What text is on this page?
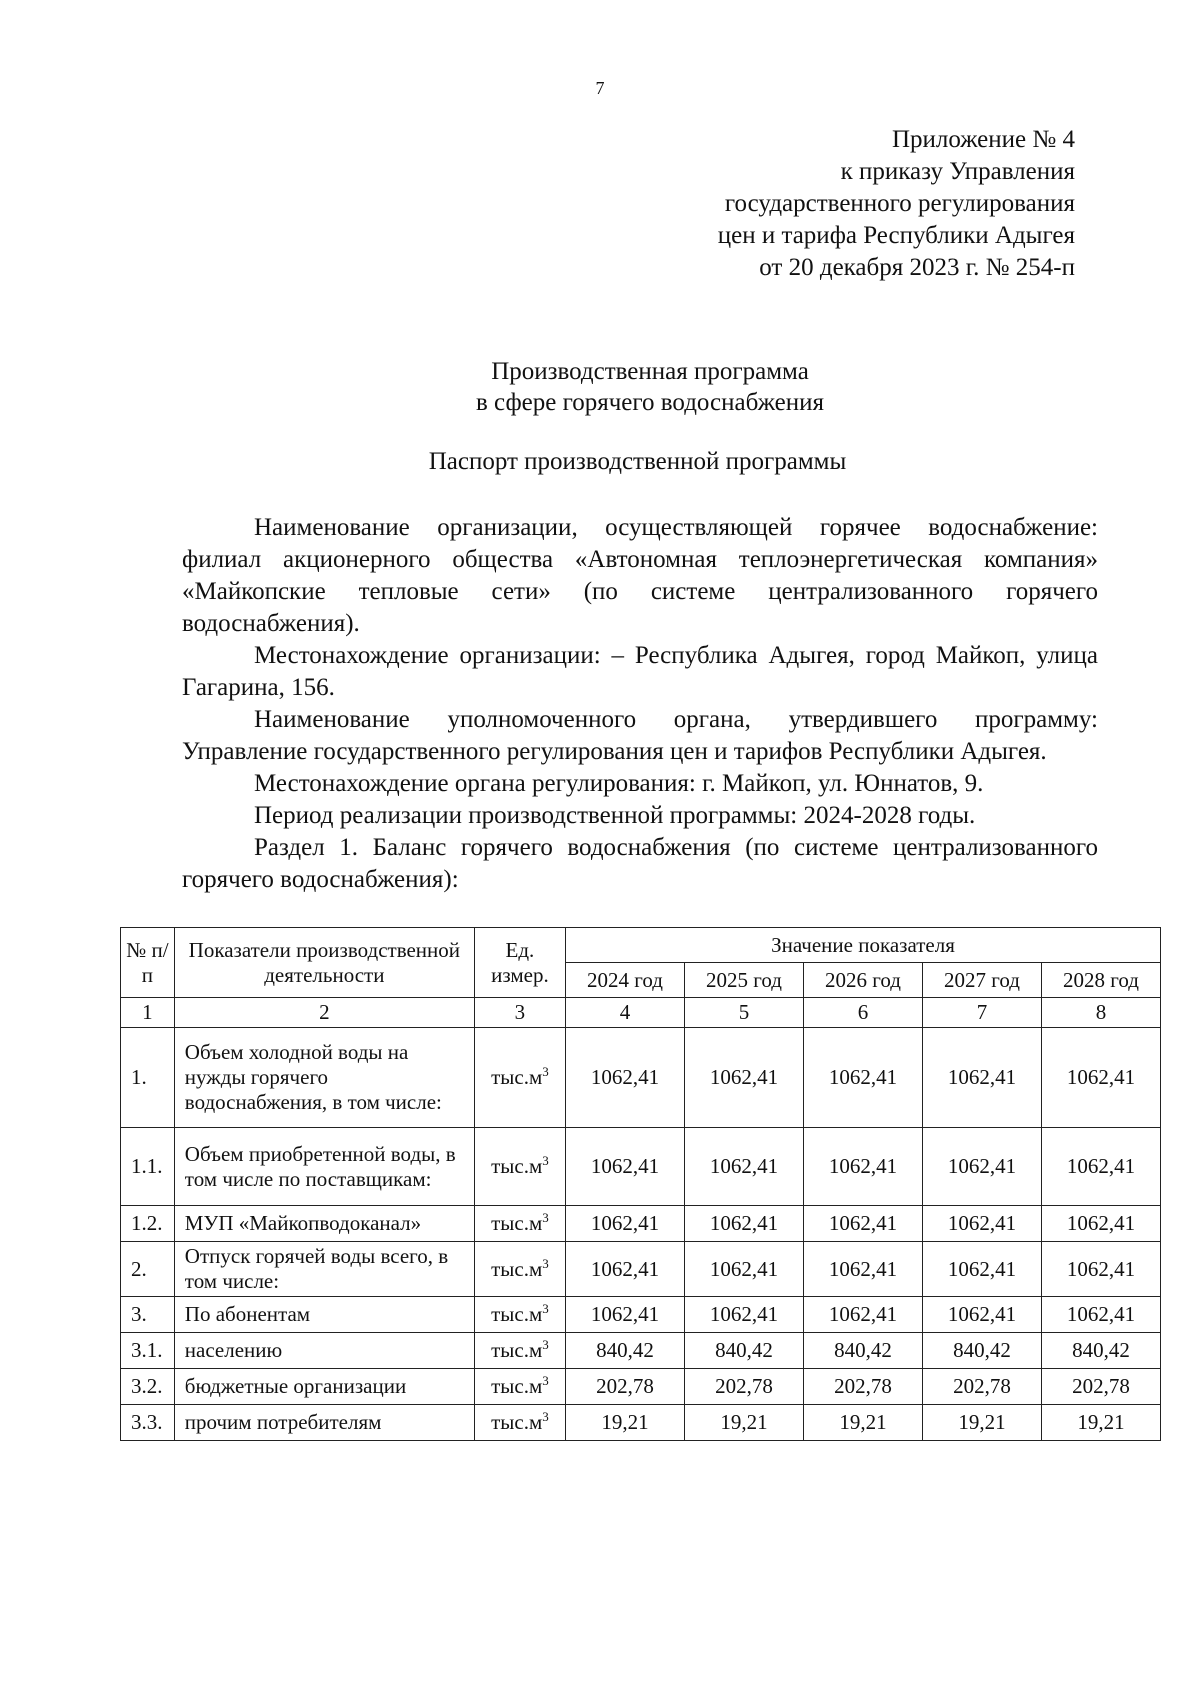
7
Приложение № 4
к приказу Управления
государственного регулирования
цен и тарифа Республики Адыгея
от 20 декабря 2023 г. № 254-п
Производственная программа
в сфере горячего водоснабжения
Паспорт производственной программы

Наименование организации, осуществляющей горячее водоснабжение: филиал акционерного общества «Автономная теплоэнергетическая компания» «Майкопские тепловые сети» (по системе централизованного горячего водоснабжения).

Местонахождение организации: – Республика Адыгея, город Майкоп, улица Гагарина, 156.

Наименование уполномоченного органа, утвердившего программу: Управление государственного регулирования цен и тарифов Республики Адыгея.

Местонахождение органа регулирования: г. Майкоп, ул. Юннатов, 9.

Период реализации производственной программы: 2024-2028 годы.

Раздел 1. Баланс горячего водоснабжения (по системе централизованного горячего водоснабжения):

№ п/п	Показатели производственной деятельности	Ед. измер.	Значение показателя				
			2024 год	2025 год	2026 год	2027 год	2028 год
1	2	3	4	5	6	7	8
1.	Объем холодной воды на нужды горячего водоснабжения, в том числе:	$тыс.м^3$	1062,41	1062,41	1062,41	1062,41	1062,41
1.1.	Объем приобретенной воды, в том числе по поставщикам:	$тыс.м^3$	1062,41	1062,41	1062,41	1062,41	1062,41
1.2.	МУП «Майкопводоканал»	$тыс.м^3$	1062,41	1062,41	1062,41	1062,41	1062,41
2.	Отпуск горячей воды всего, в том числе:	$тыс.м^3$	1062,41	1062,41	1062,41	1062,41	1062,41
3.	По абонентам	$тыс.м^3$	1062,41	1062,41	1062,41	1062,41	1062,41
3.1.	населению	$тыс.м^3$	840,42	840,42	840,42	840,42	840,42
3.2.	бюджетные организации	$тыс.м^3$	202,78	202,78	202,78	202,78	202,78
3.3.	прочим потребителям	$тыс.м^3$	19,21	19,21	19,21	19,21	19,21
